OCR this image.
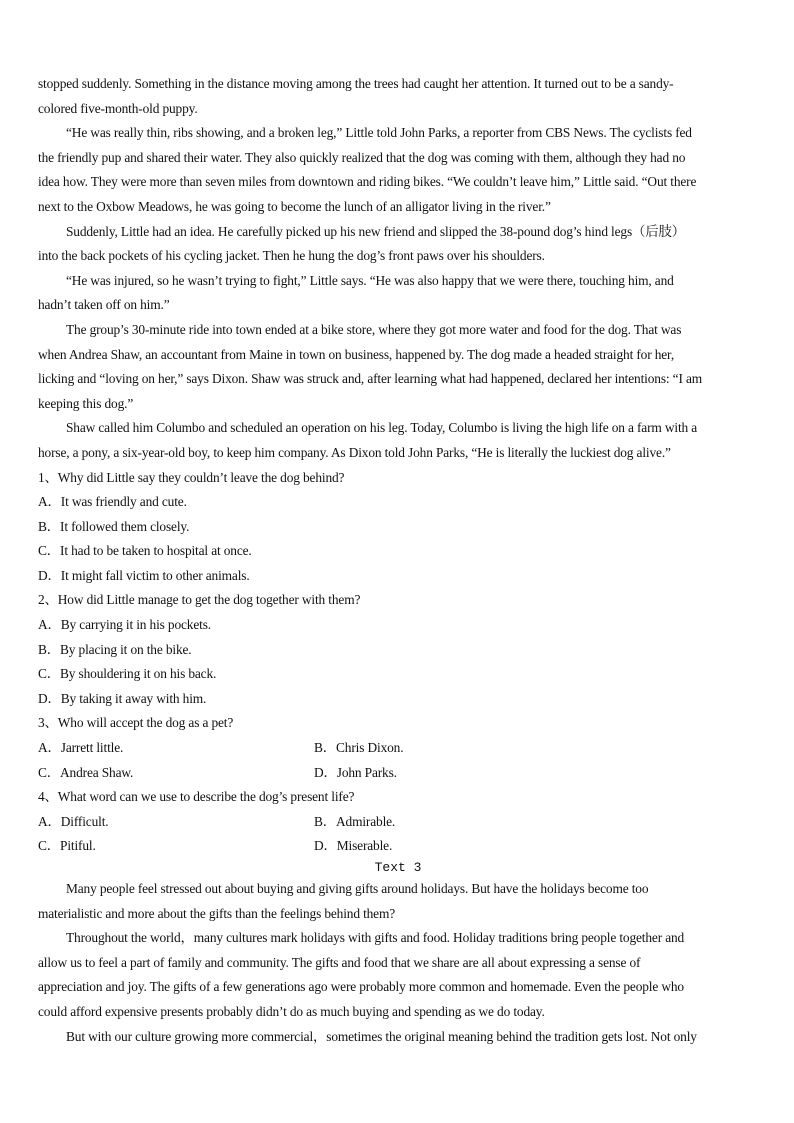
stopped suddenly. Something in the distance moving among the trees had caught her attention. It turned out to be a sandy-
colored five-month-old puppy.
“He was really thin, ribs showing, and a broken leg,” Little told John Parks, a reporter from CBS News. The cyclists fed
the friendly pup and shared their water. They also quickly realized that the dog was coming with them, although they had no
idea how. They were more than seven miles from downtown and riding bikes. “We couldn’t leave him,” Little said. “Out there
next to the Oxbow Meadows, he was going to become the lunch of an alligator living in the river.”
Suddenly, Little had an idea. He carefully picked up his new friend and slipped the 38-pound dog’s hind legs（后肢）
into the back pockets of his cycling jacket. Then he hung the dog’s front paws over his shoulders.
“He was injured, so he wasn’t trying to fight,” Little says. “He was also happy that we were there, touching him, and
hadn’t taken off on him.”
The group’s 30-minute ride into town ended at a bike store, where they got more water and food for the dog. That was
when Andrea Shaw, an accountant from Maine in town on business, happened by. The dog made a headed straight for her,
licking and “loving on her,” says Dixon. Shaw was struck and, after learning what had happened, declared her intentions: “I am
keeping this dog.”
Shaw called him Columbo and scheduled an operation on his leg. Today, Columbo is living the high life on a farm with a
horse, a pony, a six-year-old boy, to keep him company. As Dixon told John Parks, “He is literally the luckiest dog alive.”
1、Why did Little say they couldn’t leave the dog behind?
A．It was friendly and cute.
B．It followed them closely.
C．It had to be taken to hospital at once.
D．It might fall victim to other animals.
2、How did Little manage to get the dog together with them?
A．By carrying it in his pockets.
B．By placing it on the bike.
C．By shouldering it on his back.
D．By taking it away with him.
3、Who will accept the dog as a pet?
A．Jarrett little.	B．Chris Dixon.
C．Andrea Shaw.	D．John Parks.
4、What word can we use to describe the dog’s present life?
A．Difficult.	B．Admirable.
C．Pitiful.	D．Miserable.
Text 3
Many people feel stressed out about buying and giving gifts around holidays. But have the holidays become too
materialistic and more about the gifts than the feelings behind them?
Throughout the world，many cultures mark holidays with gifts and food. Holiday traditions bring people together and
allow us to feel a part of family and community. The gifts and food that we share are all about expressing a sense of
appreciation and joy. The gifts of a few generations ago were probably more common and homemade. Even the people who
could afford expensive presents probably didn’t do as much buying and spending as we do today.
But with our culture growing more commercial，sometimes the original meaning behind the tradition gets lost. Not only
